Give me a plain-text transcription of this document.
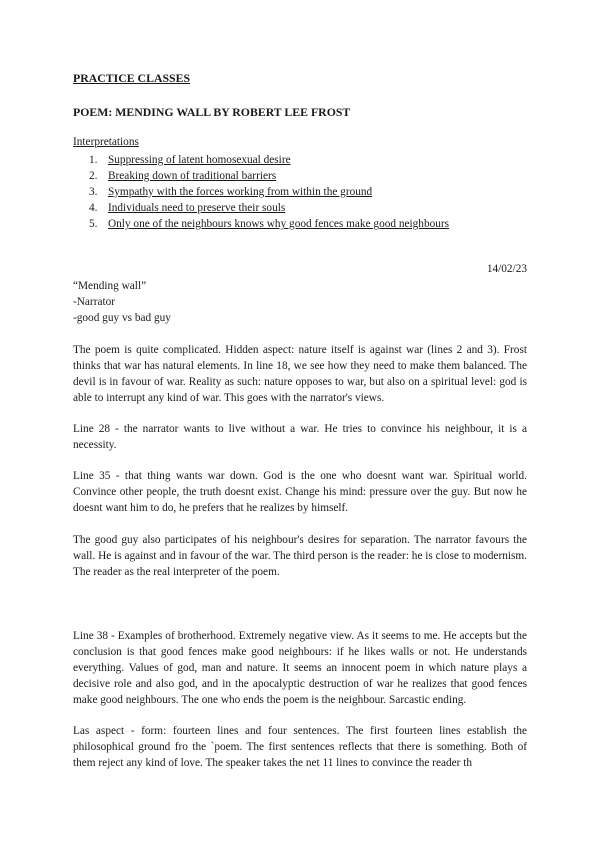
PRACTICE CLASSES
POEM: MENDING WALL BY ROBERT LEE FROST
Interpretations
1. Suppressing of latent homosexual desire
2. Breaking down of traditional barriers
3. Sympathy with the forces working from within the ground
4. Individuals need to preserve their souls
5. Only one of the neighbours knows why good fences make good neighbours
14/02/23
“Mending wall”
-Narrator
-good guy vs bad guy

The poem is quite complicated. Hidden aspect: nature itself is against war (lines 2 and 3). Frost thinks that war has natural elements. In line 18, we see how they need to make them balanced. The devil is in favour of war. Reality as such: nature opposes to war, but also on a spiritual level: god is able to interrupt any kind of war. This goes with the narrator's views.

Line 28 - the narrator wants to live without a war. He tries to convince his neighbour, it is a necessity.

Line 35 - that thing wants war down. God is the one who doesnt want war. Spiritual world. Convince other people, the truth doesnt exist. Change his mind: pressure over the guy. But now he doesnt want him to do, he prefers that he realizes by himself.

The good guy also participates of his neighbour's desires for separation. The narrator favours the wall. He is against and in favour of the war. The third person is the reader: he is close to modernism. The reader as the real interpreter of the poem.

Line 38 - Examples of brotherhood. Extremely negative view. As it seems to me. He accepts but the conclusion is that good fences make good neighbours: if he likes walls or not. He understands everything. Values of god, man and nature. It seems an innocent poem in which nature plays a decisive role and also god, and in the apocalyptic destruction of war he realizes that good fences make good neighbours. The one who ends the poem is the neighbour. Sarcastic ending.

Las aspect - form: fourteen lines and four sentences. The first fourteen lines establish the philosophical ground fro the `poem. The first sentences reflects that there is something. Both of them reject any kind of love. The speaker takes the net 11 lines to convince the reader th
